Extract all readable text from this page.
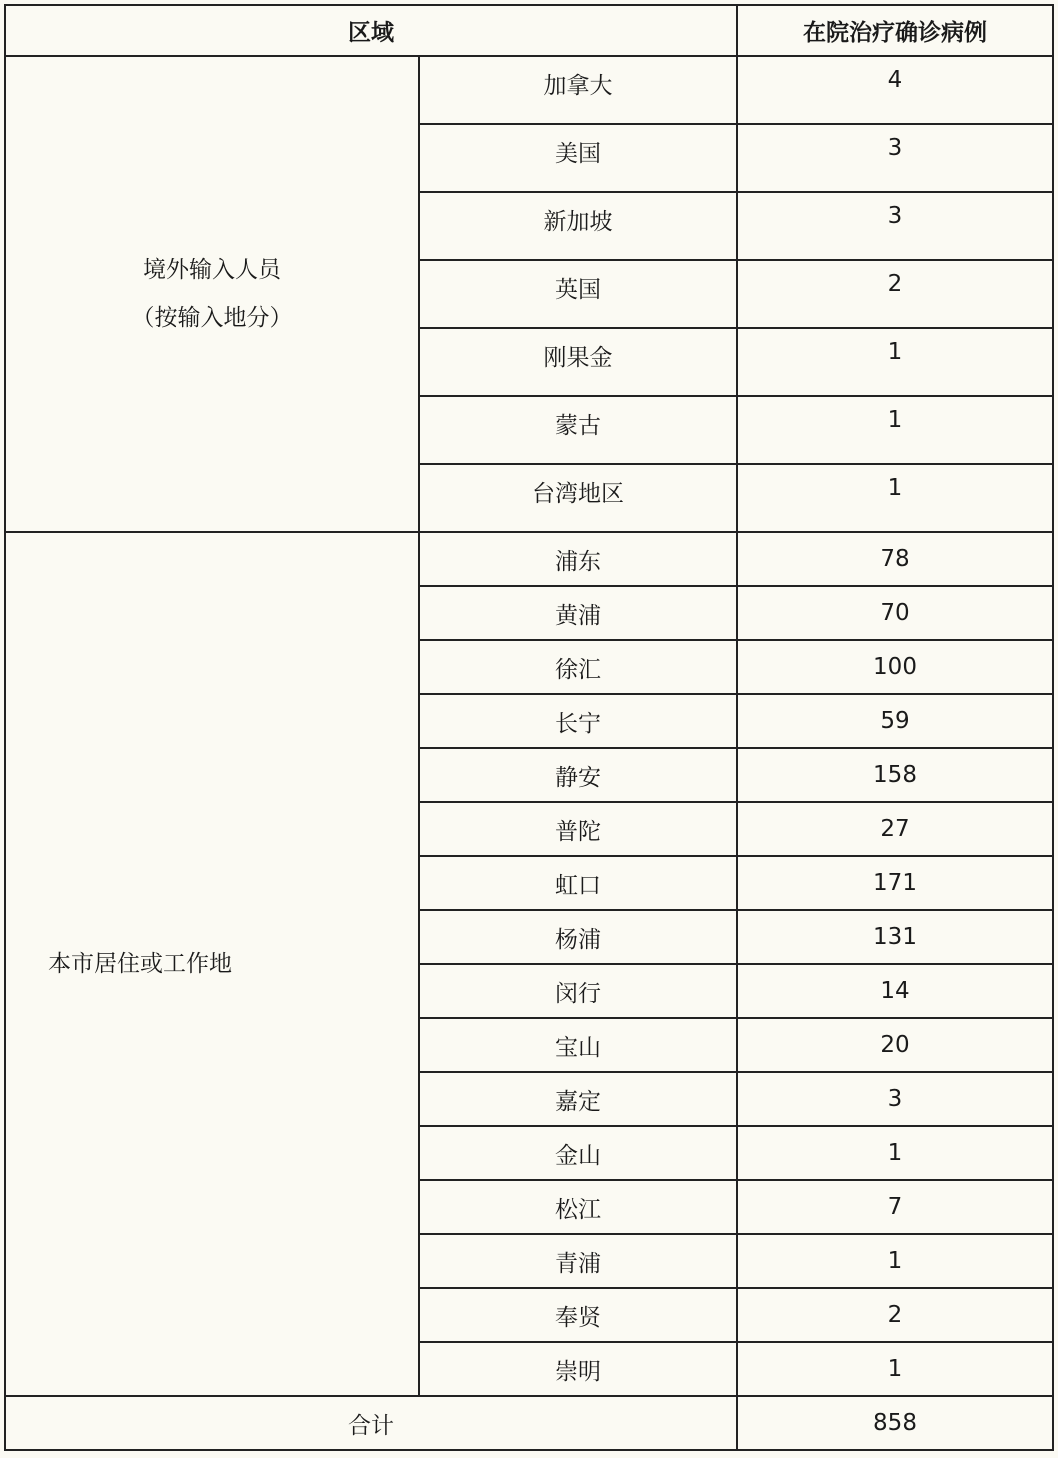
区域		在院治疗确诊病例

境外输入人员
（按输入地分）	加拿大	4
	美国	3
	新加坡	3
	英国	2
	刚果金	1
	蒙古	1
	台湾地区	1
本市居住或工作地	浦东	78
	黄浦	70
	徐汇	100
	长宁	59
	静安	158
	普陀	27
	虹口	171
	杨浦	131
	闵行	14
	宝山	20
	嘉定	3
	金山	1
	松江	7
	青浦	1
	奉贤	2
	崇明	1
合计		858
